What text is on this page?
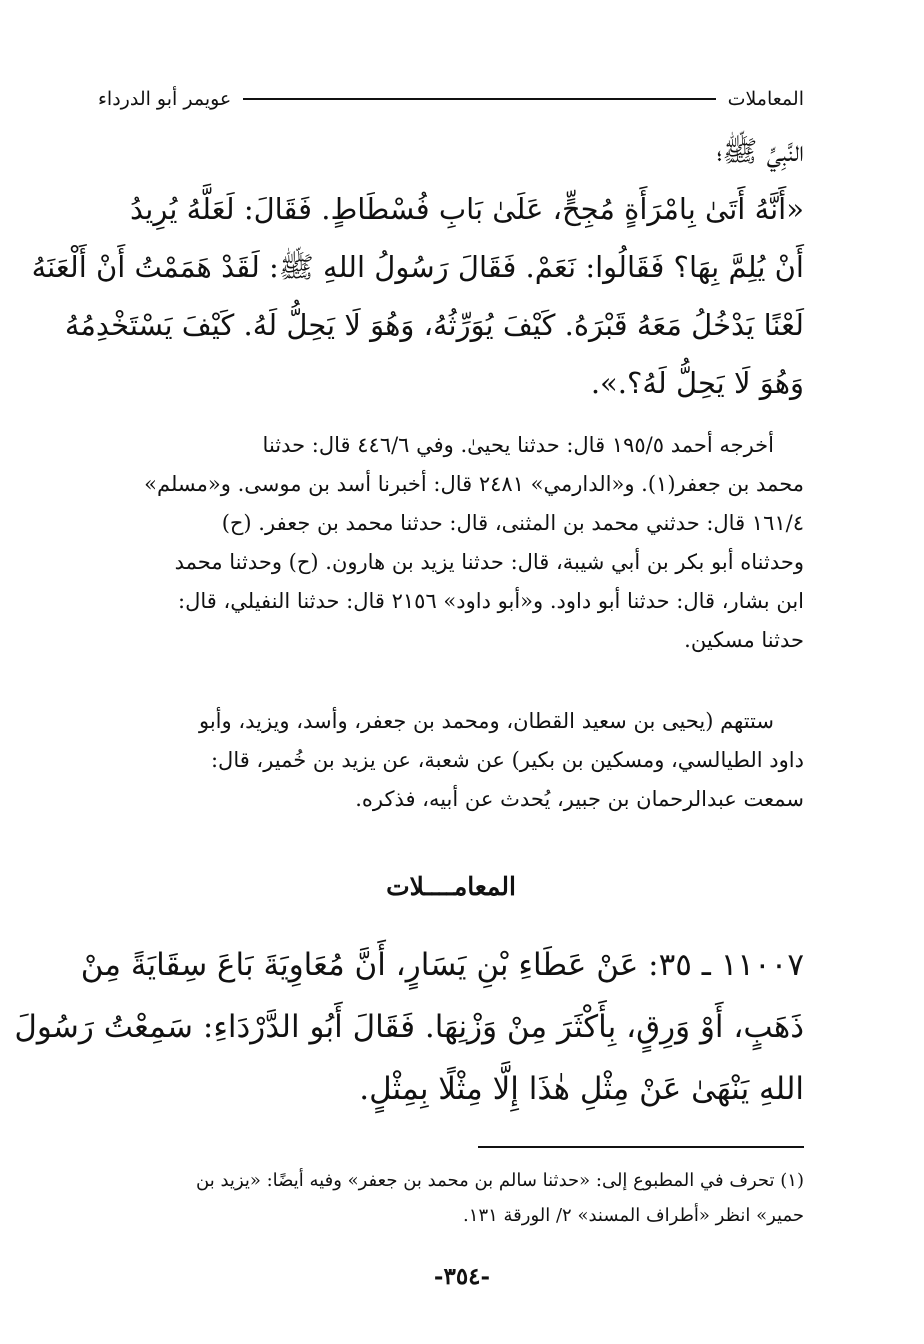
المعاملات
عويمر أبو الدرداء
النَّبِيِّ ﷺ؛
«أَنَّهُ أَتَىٰ بِامْرَأَةٍ مُجِحٍّ، عَلَىٰ بَابِ فُسْطَاطٍ. فَقَالَ: لَعَلَّهُ يُرِيدُ
أَنْ يُلِمَّ بِهَا؟ فَقَالُوا: نَعَمْ. فَقَالَ رَسُولُ اللهِ ﷺ: لَقَدْ هَمَمْتُ أَنْ أَلْعَنَهُ
لَعْنًا يَدْخُلُ مَعَهُ قَبْرَهُ. كَيْفَ يُوَرِّثُهُ، وَهُوَ لَا يَحِلُّ لَهُ. كَيْفَ يَسْتَخْدِمُهُ
وَهُوَ لَا يَحِلُّ لَهُ؟.».
أخرجه أحمد ١٩٥/٥ قال: حدثنا يحيىٰ. وفي ٤٤٦/٦ قال: حدثنا
محمد بن جعفر(١). و«الدارمي» ٢٤٨١ قال: أخبرنا أسد بن موسى. و«مسلم»
١٦١/٤ قال: حدثني محمد بن المثنى، قال: حدثنا محمد بن جعفر. (ح)
وحدثناه أبو بكر بن أبي شيبة، قال: حدثنا يزيد بن هارون. (ح) وحدثنا محمد
ابن بشار، قال: حدثنا أبو داود. و«أبو داود» ٢١٥٦ قال: حدثنا النفيلي، قال:
حدثنا مسكين.
ستتهم (يحيى بن سعيد القطان، ومحمد بن جعفر، وأسد، ويزيد، وأبو
داود الطيالسي، ومسكين بن بكير) عن شعبة، عن يزيد بن خُمير، قال:
سمعت عبدالرحمان بن جبير، يُحدث عن أبيه، فذكره.
المعامــــلات
١١٠٠٧ ـ ٣٥: عَنْ عَطَاءِ بْنِ يَسَارٍ، أَنَّ مُعَاوِيَةَ بَاعَ سِقَايَةً مِنْ
ذَهَبٍ، أَوْ وَرِقٍ، بِأَكْثَرَ مِنْ وَزْنِهَا. فَقَالَ أَبُو الدَّرْدَاءِ: سَمِعْتُ رَسُولَ
اللهِ يَنْهَىٰ عَنْ مِثْلِ هٰذَا إِلَّا مِثْلًا بِمِثْلٍ.
(١) تحرف في المطبوع إلى: «حدثنا سالم بن محمد بن جعفر» وفيه أيضًا: «يزيد بن
حمير» انظر «أطراف المسند» ٢/ الورقة ١٣١.
-٣٥٤-
